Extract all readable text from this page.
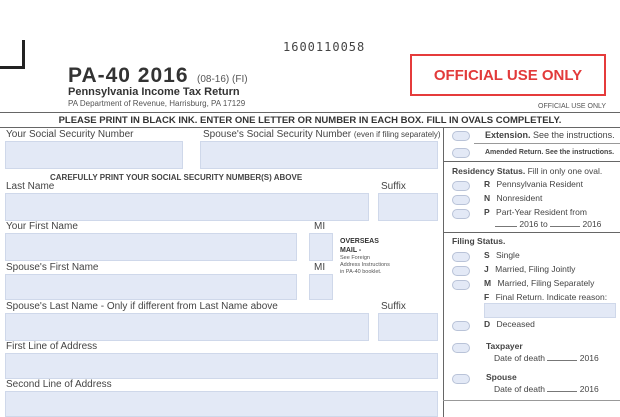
1600110058
PA-40 2016 (08-16) (FI)
Pennsylvania Income Tax Return
PA Department of Revenue, Harrisburg, PA 17129
OFFICIAL USE ONLY
OFFICIAL USE ONLY
PLEASE PRINT IN BLACK INK. ENTER ONE LETTER OR NUMBER IN EACH BOX. FILL IN OVALS COMPLETELY.
Your Social Security Number	Spouse's Social Security Number (even if filing separately)
CAREFULLY PRINT YOUR SOCIAL SECURITY NUMBER(S) ABOVE
Last Name	Suffix
Your First Name	MI
OVERSEAS
MAIL -
See Foreign
Address Instructions
in PA-40 booklet.
Spouse's First Name	MI
Spouse's Last Name - Only if different from Last Name above	Suffix
First Line of Address
Second Line of Address
Extension. See the instructions.
Amended Return. See the instructions.
Residency Status. Fill in only one oval.
R Pennsylvania Resident
N Nonresident
P Part-Year Resident from
2016 to	2016
Filing Status.
S Single
J Married, Filing Jointly
M Married, Filing Separately
F Final Return. Indicate reason:
D Deceased
Taxpayer
Date of death	2016
Spouse
Date of death	2016
